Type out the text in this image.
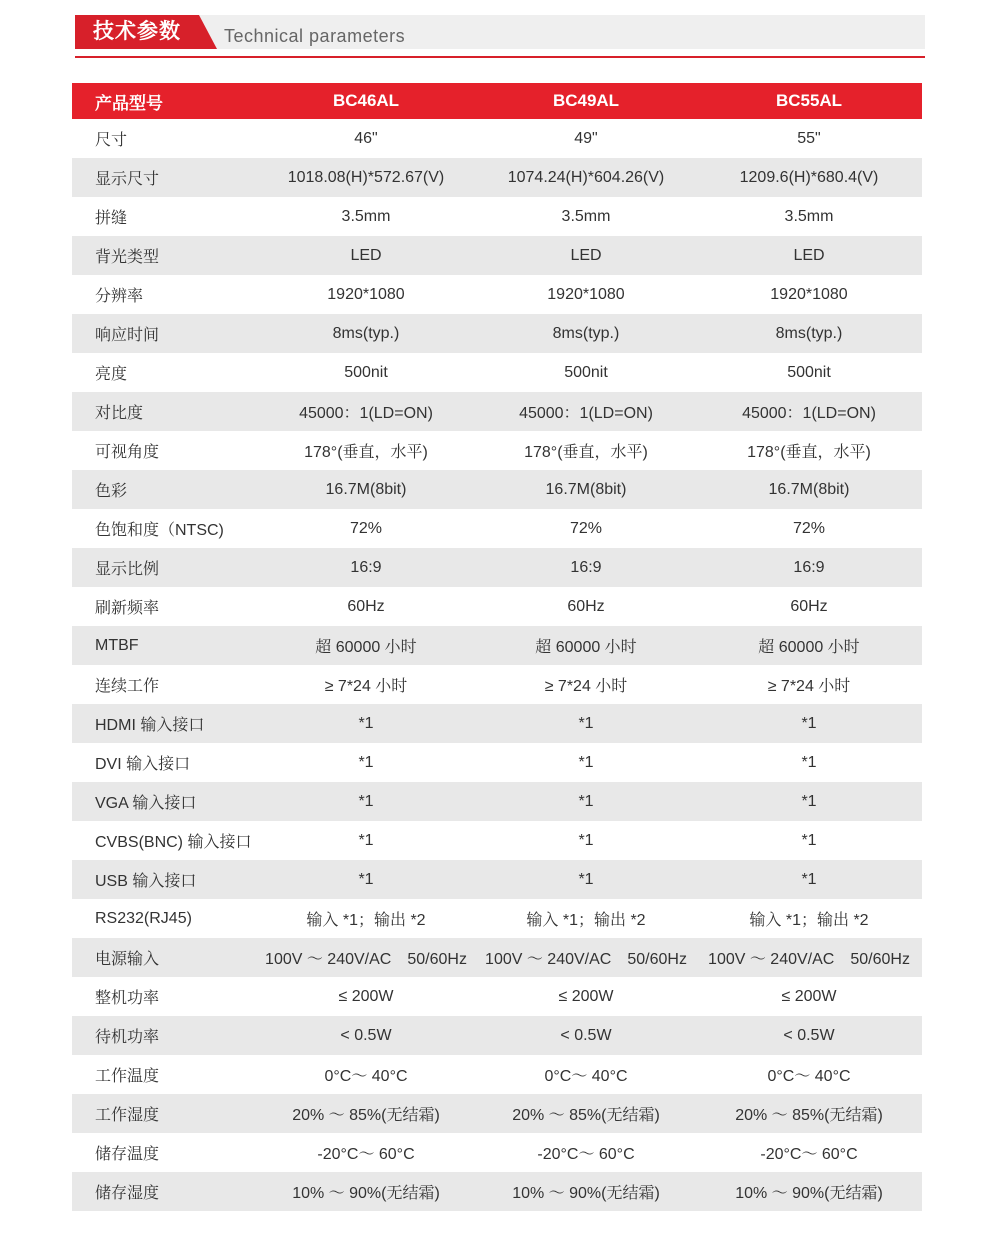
技术参数 Technical parameters
产品型号	BC46AL	BC49AL	BC55AL
尺寸	46"	49"	55"
显示尺寸	1018.08(H)*572.67(V)	1074.24(H)*604.26(V)	1209.6(H)*680.4(V)
拼缝	3.5mm	3.5mm	3.5mm
背光类型	LED	LED	LED
分辨率	1920*1080	1920*1080	1920*1080
响应时间	8ms(typ.)	8ms(typ.)	8ms(typ.)
亮度	500nit	500nit	500nit
对比度	45000：1(LD=ON)	45000：1(LD=ON)	45000：1(LD=ON)
可视角度	178°(垂直，水平)	178°(垂直，水平)	178°(垂直，水平)
色彩	16.7M(8bit)	16.7M(8bit)	16.7M(8bit)
色饱和度（NTSC)	72%	72%	72%
显示比例	16:9	16:9	16:9
刷新频率	60Hz	60Hz	60Hz
MTBF	超 60000 小时	超 60000 小时	超 60000 小时
连续工作	≥ 7*24 小时	≥ 7*24 小时	≥ 7*24 小时
HDMI 输入接口	*1	*1	*1
DVI 输入接口	*1	*1	*1
VGA 输入接口	*1	*1	*1
CVBS(BNC) 输入接口	*1	*1	*1
USB 输入接口	*1	*1	*1
RS232(RJ45)	输入 *1；输出 *2	输入 *1；输出 *2	输入 *1；输出 *2
电源输入	100V ～ 240V/AC　50/60Hz	100V ～ 240V/AC　50/60Hz	100V ～ 240V/AC　50/60Hz
整机功率	≤ 200W	≤ 200W	≤ 200W
待机功率	< 0.5W	< 0.5W	< 0.5W
工作温度	0°C～ 40°C	0°C～ 40°C	0°C～ 40°C
工作湿度	20% ～ 85%(无结霜)	20% ～ 85%(无结霜)	20% ～ 85%(无结霜)
储存温度	-20°C～ 60°C	-20°C～ 60°C	-20°C～ 60°C
储存湿度	10% ～ 90%(无结霜)	10% ～ 90%(无结霜)	10% ～ 90%(无结霜)
